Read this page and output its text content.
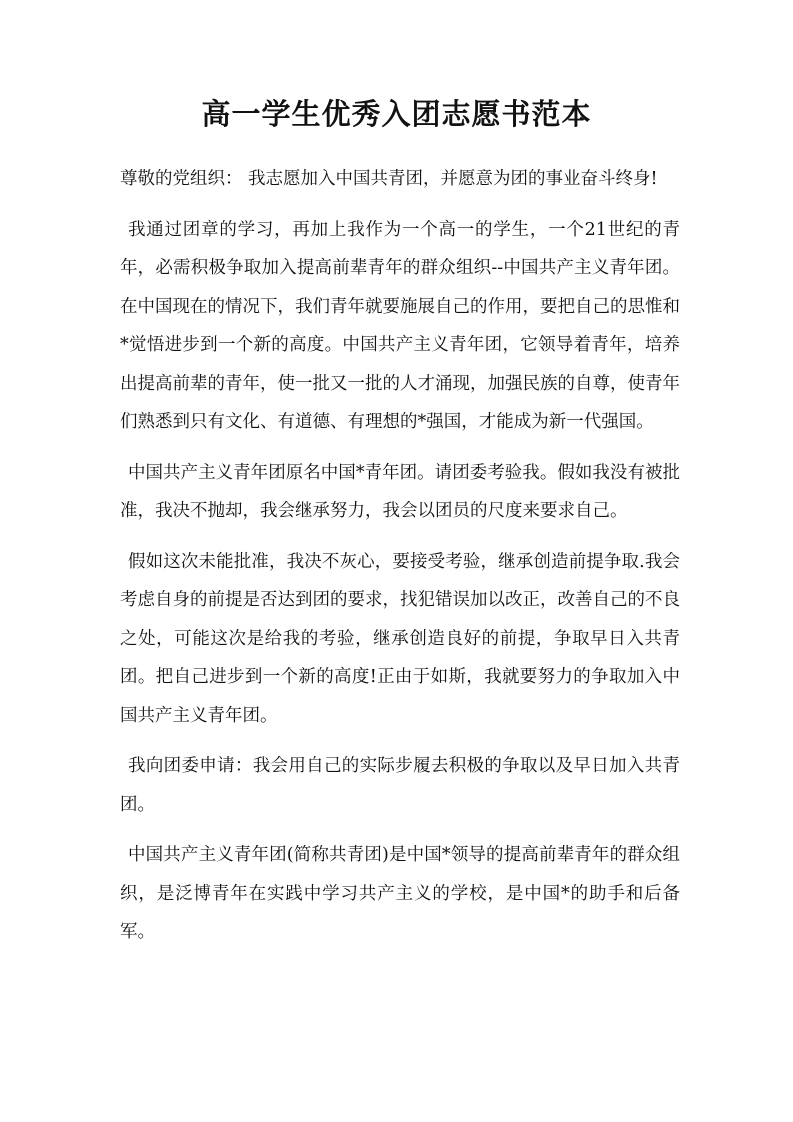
高一学生优秀入团志愿书范本

尊敬的党组织： 我志愿加入中国共青团，并愿意为团的事业奋斗终身!

我通过团章的学习，再加上我作为一个高一的学生，一个21世纪的青年，必需积极争取加入提高前辈青年的群众组织--中国共产主义青年团。在中国现在的情况下，我们青年就要施展自己的作用，要把自己的思惟和*觉悟进步到一个新的高度。中国共产主义青年团，它领导着青年，培养出提高前辈的青年，使一批又一批的人才涌现，加强民族的自尊，使青年们熟悉到只有文化、有道德、有理想的*强国，才能成为新一代强国。

中国共产主义青年团原名中国*青年团。请团委考验我。假如我没有被批准，我决不抛却，我会继承努力，我会以团员的尺度来要求自己。

假如这次未能批准，我决不灰心，要接受考验，继承创造前提争取.我会考虑自身的前提是否达到团的要求，找犯错误加以改正，改善自己的不良之处，可能这次是给我的考验，继承创造良好的前提，争取早日入共青团。把自己进步到一个新的高度!正由于如斯，我就要努力的争取加入中国共产主义青年团。

我向团委申请：我会用自己的实际步履去积极的争取以及早日加入共青团。

中国共产主义青年团(简称共青团)是中国*领导的提高前辈青年的群众组织，是泛博青年在实践中学习共产主义的学校，是中国*的助手和后备军。
